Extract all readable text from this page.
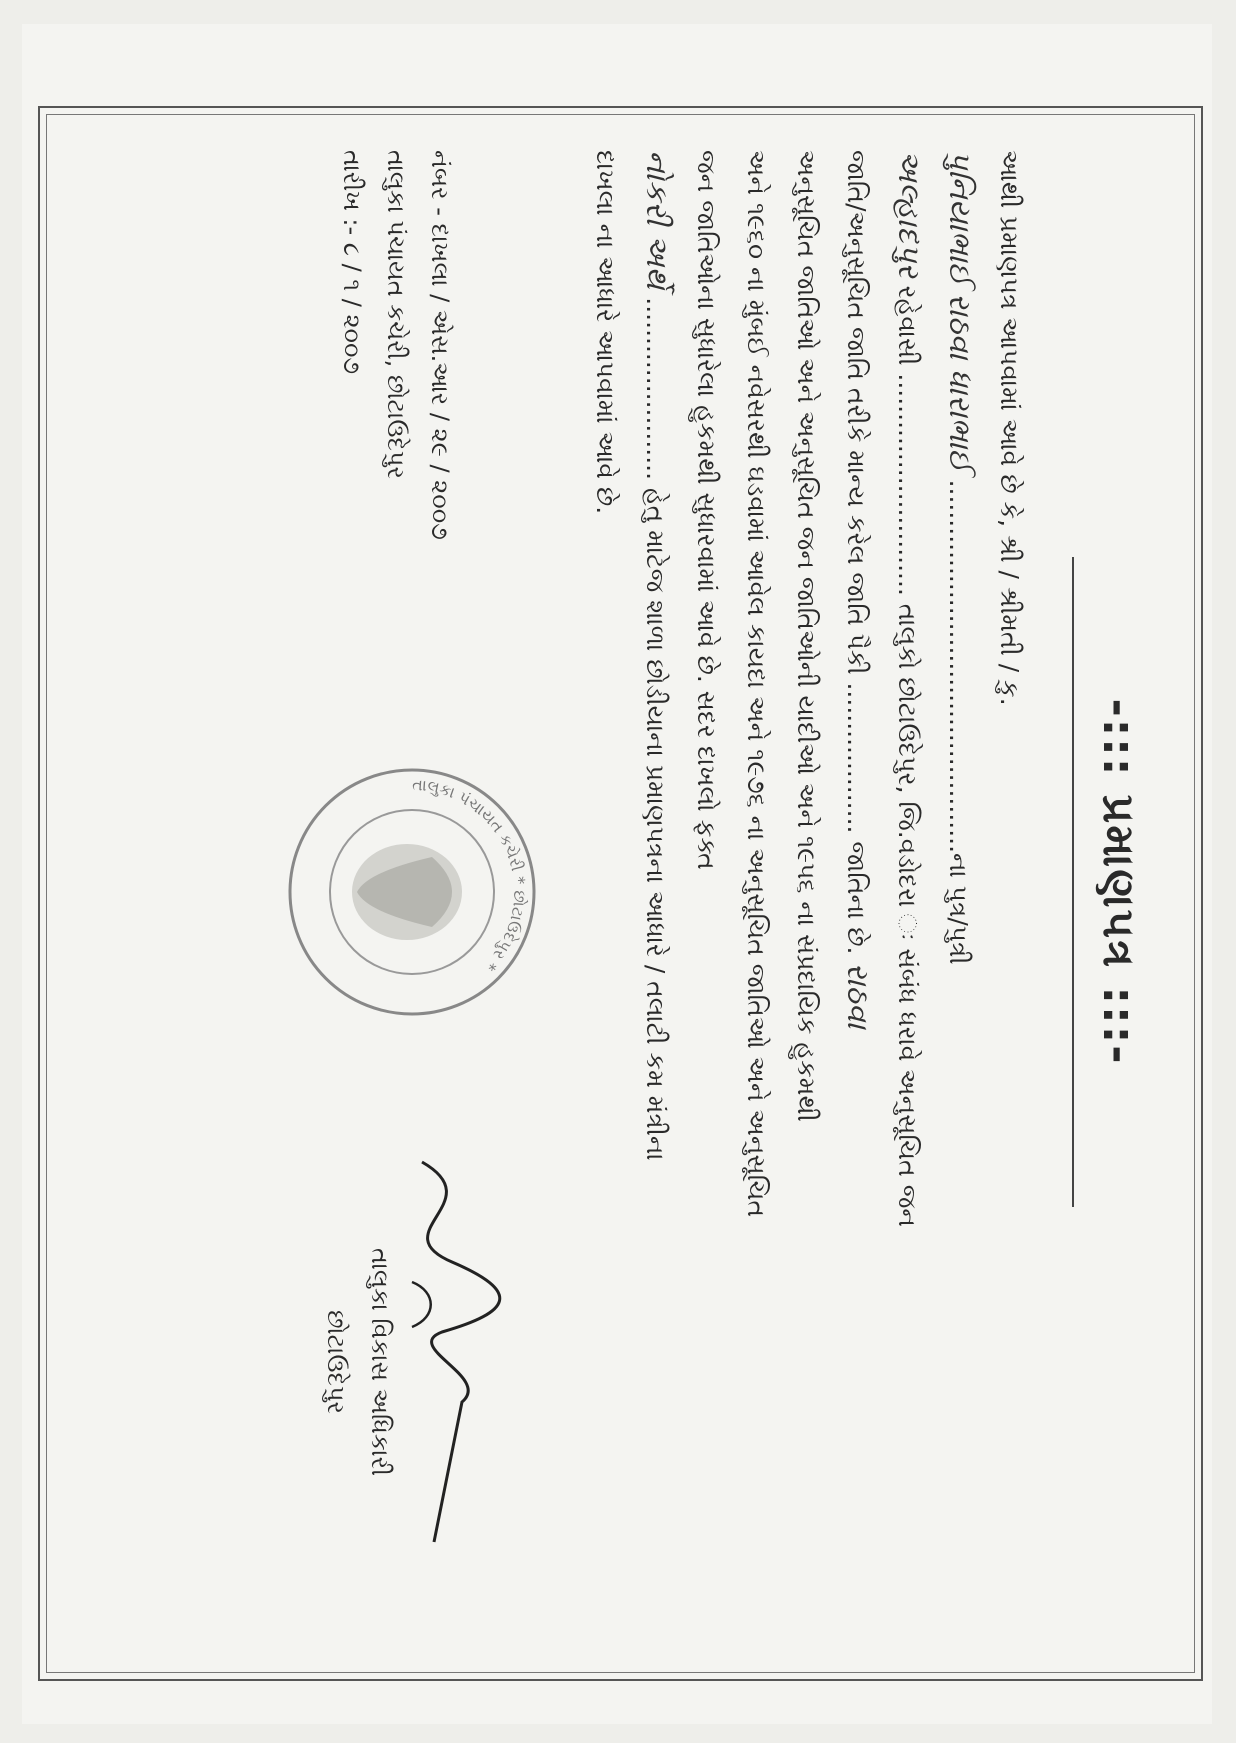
-::: પ્રમાણપત્ર :::-
આથી પ્રમાણપત્ર આપવામાં આવે છે કે, શ્રી / શ્રીમતી / કુ.
પુનિયાભાઈ રાઠવા ધારાભાઈ ...............................................ના પુત્ર/પુત્રી
અલ્હાદપુર રહેવાસી ............................ તાલુકો છોટાઉદેપુર, જિ.વડોદરા ઃ સંબંધ ધરાવે અનુસૂચિત જન
જાતિ/અનુસૂચિત જાતિ તરીકે માન્ય કરેલ જાતિ પૈકી ................... જાતિના છે. રાઠવા
અનુસૂચિત જાતિઓ અને અનુસૂચિત જન જાતિઓની યાદીઓ અને ૧૯૫૬ ના સંપ્રદાયિક હુકમથી
અને ૧૯૬૦ ના મુંબઈ નવેસરથી ઘડવામાં આવેલ કાયદા અને ૧૯૭૬ ના અનુસૂચિત જાતિઓ અને અનુસૂચિત
જન જાતિઓના સુધારેલા હુકમથી સુધારવામાં આવે છે. સદર દાખલો ફક્ત
નોકરી અર્થે ....................... હેતુ માટેજ શાળા છોડીયાના પ્રમાણપત્રના આધારે / તલાટી કમ મંત્રીના
દાખલા ના આધારે આપવામાં આવે છે.
નંબર - દાખલા / એસ.આર / ૨૯ / ૨૦૦૭
તાલુકા પંચાયત કચેરી, છોટાઉદેપુર
તારીખ :- ૮ / ૧ / ૨૦૦૭
તાલુકા પંચાયત કચેરી * છોટાઉદેપુર *
તાલુકા વિકાસ અધિકારી
છોટાઉદેપુર
